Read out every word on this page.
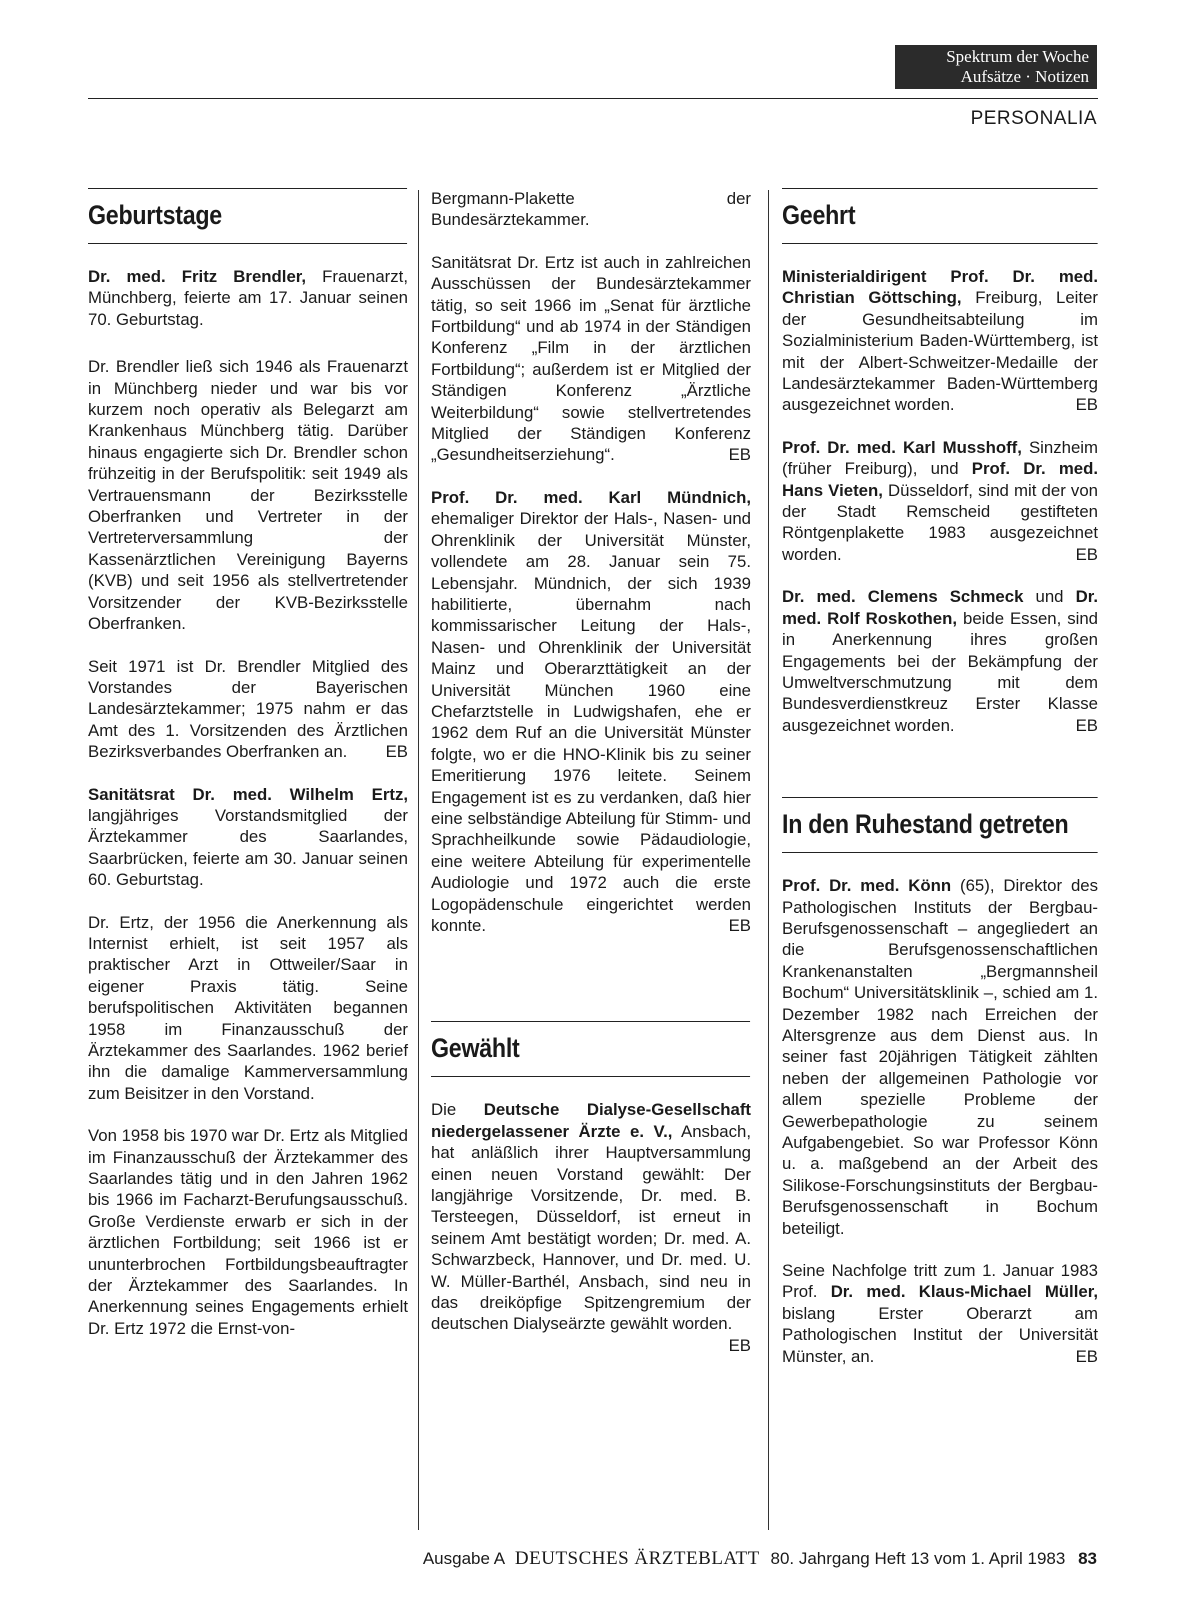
Spektrum der Woche
Aufsätze · Notizen
PERSONALIA
Geburtstage

Dr. med. Fritz Brendler, Frauenarzt, Münchberg, feierte am 17. Januar seinen 70. Geburtstag.

Dr. Brendler ließ sich 1946 als Frauenarzt in Münchberg nieder und war bis vor kurzem noch operativ als Belegarzt am Krankenhaus Münchberg tätig. Darüber hinaus engagierte sich Dr. Brendler schon frühzeitig in der Berufspolitik: seit 1949 als Vertrauensmann der Bezirksstelle Oberfranken und Vertreter in der Vertreterversammlung der Kassenärztlichen Vereinigung Bayerns (KVB) und seit 1956 als stellvertretender Vorsitzender der KVB-Bezirksstelle Oberfranken.

Seit 1971 ist Dr. Brendler Mitglied des Vorstandes der Bayerischen Landesärztekammer; 1975 nahm er das Amt des 1. Vorsitzenden des Ärztlichen Bezirksverbandes Oberfranken an. EB

Sanitätsrat Dr. med. Wilhelm Ertz, langjähriges Vorstandsmitglied der Ärztekammer des Saarlandes, Saarbrücken, feierte am 30. Januar seinen 60. Geburtstag.

Dr. Ertz, der 1956 die Anerkennung als Internist erhielt, ist seit 1957 als praktischer Arzt in Ottweiler/Saar in eigener Praxis tätig. Seine berufspolitischen Aktivitäten begannen 1958 im Finanzausschuß der Ärztekammer des Saarlandes. 1962 berief ihn die damalige Kammerversammlung zum Beisitzer in den Vorstand.

Von 1958 bis 1970 war Dr. Ertz als Mitglied im Finanzausschuß der Ärztekammer des Saarlandes tätig und in den Jahren 1962 bis 1966 im Facharzt-Berufungsausschuß. Große Verdienste erwarb er sich in der ärztlichen Fortbildung; seit 1966 ist er ununterbrochen Fortbildungsbeauftragter der Ärztekammer des Saarlandes. In Anerkennung seines Engagements erhielt Dr. Ertz 1972 die Ernst-von-

Bergmann-Plakette der Bundesärztekammer.

Sanitätsrat Dr. Ertz ist auch in zahlreichen Ausschüssen der Bundesärztekammer tätig, so seit 1966 im „Senat für ärztliche Fortbildung“ und ab 1974 in der Ständigen Konferenz „Film in der ärztlichen Fortbildung“; außerdem ist er Mitglied der Ständigen Konferenz „Ärztliche Weiterbildung“ sowie stellvertretendes Mitglied der Ständigen Konferenz „Gesundheitserziehung“.	EB

Prof. Dr. med. Karl Mündnich, ehemaliger Direktor der Hals-, Nasen- und Ohrenklinik der Universität Münster, vollendete am 28. Januar sein 75. Lebensjahr. Mündnich, der sich 1939 habilitierte, übernahm nach kommissarischer Leitung der Hals-, Nasen- und Ohrenklinik der Universität Mainz und Oberarzttätigkeit an der Universität München 1960 eine Chefarztstelle in Ludwigshafen, ehe er 1962 dem Ruf an die Universität Münster folgte, wo er die HNO-Klinik bis zu seiner Emeritierung 1976 leitete. Seinem Engagement ist es zu verdanken, daß hier eine selbständige Abteilung für Stimm- und Sprachheilkunde sowie Pädaudiologie, eine weitere Abteilung für experimentelle Audiologie und 1972 auch die erste Logopädenschule eingerichtet werden konnte.	EB

Gewählt

Die Deutsche Dialyse-Gesellschaft niedergelassener Ärzte e. V., Ansbach, hat anläßlich ihrer Hauptversammlung einen neuen Vorstand gewählt: Der langjährige Vorsitzende, Dr. med. B. Tersteegen, Düsseldorf, ist erneut in seinem Amt bestätigt worden; Dr. med. A. Schwarzbeck, Hannover, und Dr. med. U. W. Müller-Barthél, Ansbach, sind neu in das dreiköpfige Spitzengremium der deutschen Dialyseärzte gewählt worden.
EB

Geehrt

Ministerialdirigent Prof. Dr. med. Christian Göttsching, Freiburg, Leiter der Gesundheitsabteilung im Sozialministerium Baden-Württemberg, ist mit der Albert-Schweitzer-Medaille der Landesärztekammer Baden-Württemberg ausgezeichnet worden.	EB

Prof. Dr. med. Karl Musshoff, Sinzheim (früher Freiburg), und Prof. Dr. med. Hans Vieten, Düsseldorf, sind mit der von der Stadt Remscheid gestifteten Röntgenplakette 1983 ausgezeichnet worden.	EB

Dr. med. Clemens Schmeck und Dr. med. Rolf Roskothen, beide Essen, sind in Anerkennung ihres großen Engagements bei der Bekämpfung der Umweltverschmutzung mit dem Bundesverdienstkreuz Erster Klasse ausgezeichnet worden.	EB

In den Ruhestand getreten

Prof. Dr. med. Könn (65), Direktor des Pathologischen Instituts der Bergbau-Berufsgenossenschaft – angegliedert an die Berufsgenossenschaftlichen Krankenanstalten „Bergmannsheil Bochum“ Universitätsklinik –, schied am 1. Dezember 1982 nach Erreichen der Altersgrenze aus dem Dienst aus. In seiner fast 20jährigen Tätigkeit zählten neben der allgemeinen Pathologie vor allem spezielle Probleme der Gewerbepathologie zu seinem Aufgabengebiet. So war Professor Könn u. a. maßgebend an der Arbeit des Silikose-Forschungsinstituts der Bergbau-Berufsgenossenschaft in Bochum beteiligt.

Seine Nachfolge tritt zum 1. Januar 1983 Prof. Dr. med. Klaus-Michael Müller, bislang Erster Oberarzt am Pathologischen Institut der Universität Münster, an.	EB

Ausgabe A DEUTSCHES ÄRZTEBLATT 80. Jahrgang Heft 13 vom 1. April 1983 83
